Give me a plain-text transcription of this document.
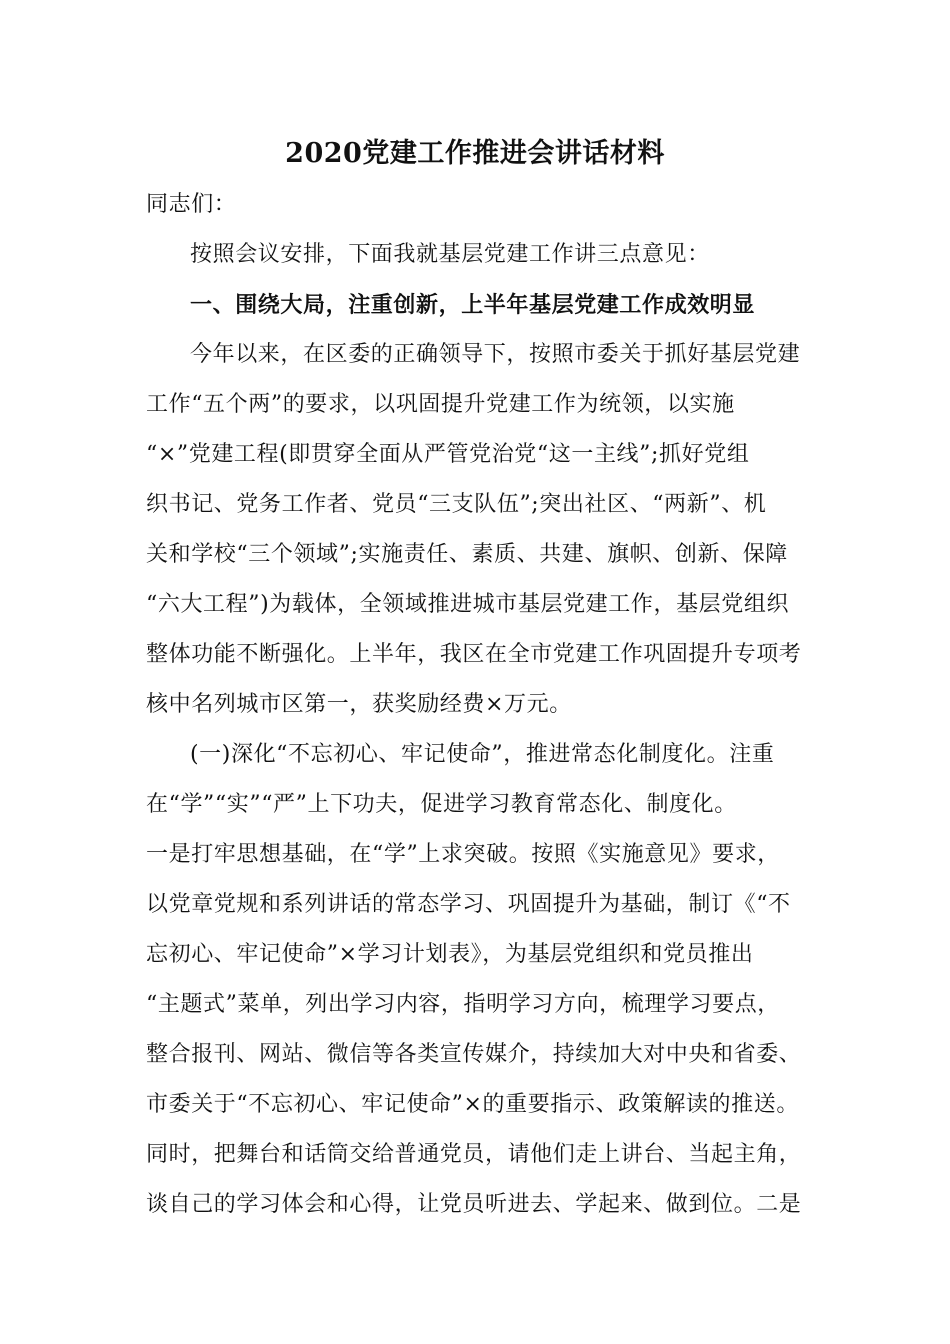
2020党建工作推进会讲话材料
同志们：
按照会议安排，下面我就基层党建工作讲三点意见：
一、围绕大局，注重创新，上半年基层党建工作成效明显
今年以来，在区委的正确领导下，按照市委关于抓好基层党建
工作“五个两”的要求，以巩固提升党建工作为统领，以实施
“×”党建工程(即贯穿全面从严管党治党“这一主线”;抓好党组
织书记、党务工作者、党员“三支队伍”;突出社区、“两新”、机
关和学校“三个领域”;实施责任、素质、共建、旗帜、创新、保障
“六大工程”)为载体，全领域推进城市基层党建工作，基层党组织
整体功能不断强化。上半年，我区在全市党建工作巩固提升专项考
核中名列城市区第一，获奖励经费×万元。
(一)深化“不忘初心、牢记使命”，推进常态化制度化。注重
在“学”“实”“严”上下功夫，促进学习教育常态化、制度化。
一是打牢思想基础，在“学”上求突破。按照《实施意见》要求，
以党章党规和系列讲话的常态学习、巩固提升为基础，制订《“不
忘初心、牢记使命”×学习计划表》，为基层党组织和党员推出
“主题式”菜单，列出学习内容，指明学习方向，梳理学习要点，
整合报刊、网站、微信等各类宣传媒介，持续加大对中央和省委、
市委关于“不忘初心、牢记使命”×的重要指示、政策解读的推送。
同时，把舞台和话筒交给普通党员，请他们走上讲台、当起主角，
谈自己的学习体会和心得，让党员听进去、学起来、做到位。二是
